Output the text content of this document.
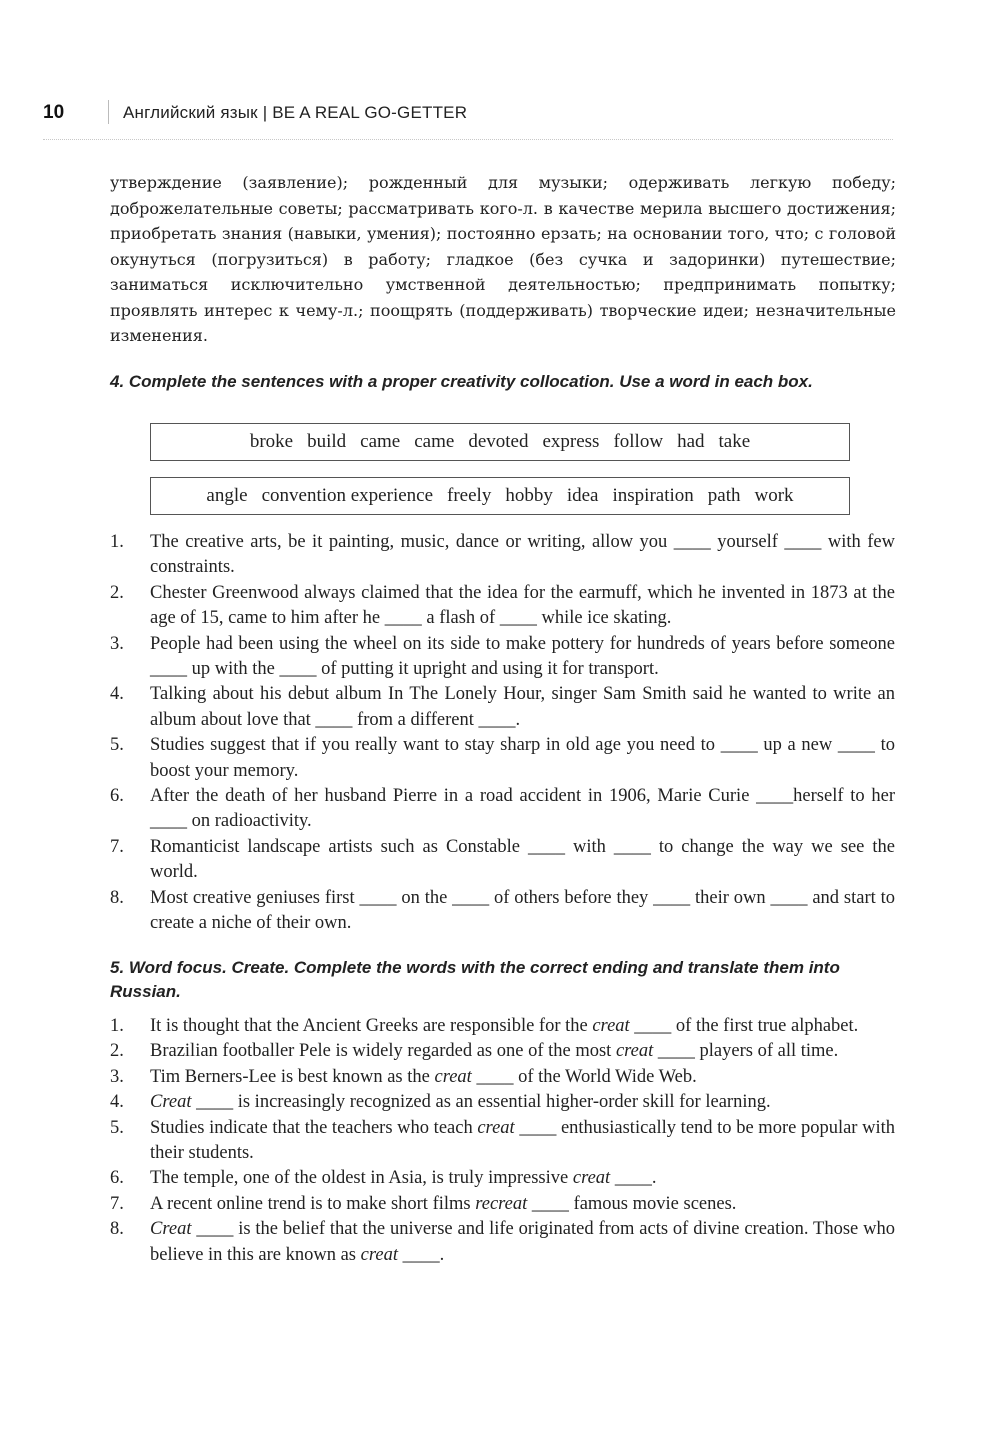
10	Английский язык | BE A REAL GO-GETTER

утверждение (заявление); рожденный для музыки; одерживать легкую победу; доброжелательные советы; рассматривать кого-л. в качестве мерила высшего достижения; приобретать знания (навыки, умения); постоянно ерзать; на основании того, что; с головой окунуться (погрузиться) в работу; гладкое (без сучка и задоринки) путешествие; заниматься исключительно умственной деятельностью; предпринимать попытку; проявлять интерес к чему-л.; поощрять (поддерживать) творческие идеи; незначительные изменения.

4. Complete the sentences with a proper creativity collocation. Use a word in each box.
broke build came came devoted express follow had take
angle convention experience freely hobby idea inspiration path work
1. The creative arts, be it painting, music, dance or writing, allow you ____ yourself ____ with few constraints.
2. Chester Greenwood always claimed that the idea for the earmuff, which he invented in 1873 at the age of 15, came to him after he ____ a flash of ____ while ice skating.
3. People had been using the wheel on its side to make pottery for hundreds of years before someone ____ up with the ____ of putting it upright and using it for transport.
4. Talking about his debut album In The Lonely Hour, singer Sam Smith said he wanted to write an album about love that ____ from a different ____.
5. Studies suggest that if you really want to stay sharp in old age you need to ____ up a new ____ to boost your memory.
6. After the death of her husband Pierre in a road accident in 1906, Marie Curie ____herself to her ____ on radioactivity.
7. Romanticist landscape artists such as Constable ____ with ____ to change the way we see the world.
8. Most creative geniuses first ____ on the ____ of others before they ____ their own ____ and start to create a niche of their own.
5. Word focus. Create. Complete the words with the correct ending and translate them into Russian.
1. It is thought that the Ancient Greeks are responsible for the creat ____ of the first true alphabet.
2. Brazilian footballer Pele is widely regarded as one of the most creat ____ players of all time.
3. Tim Berners-Lee is best known as the creat ____ of the World Wide Web.
4. Creat ____ is increasingly recognized as an essential higher-order skill for learning.
5. Studies indicate that the teachers who teach creat ____ enthusiastically tend to be more popular with their students.
6. The temple, one of the oldest in Asia, is truly impressive creat ____.
7. A recent online trend is to make short films recreat ____ famous movie scenes.
8. Creat ____ is the belief that the universe and life originated from acts of divine creation. Those who believe in this are known as creat ____.
